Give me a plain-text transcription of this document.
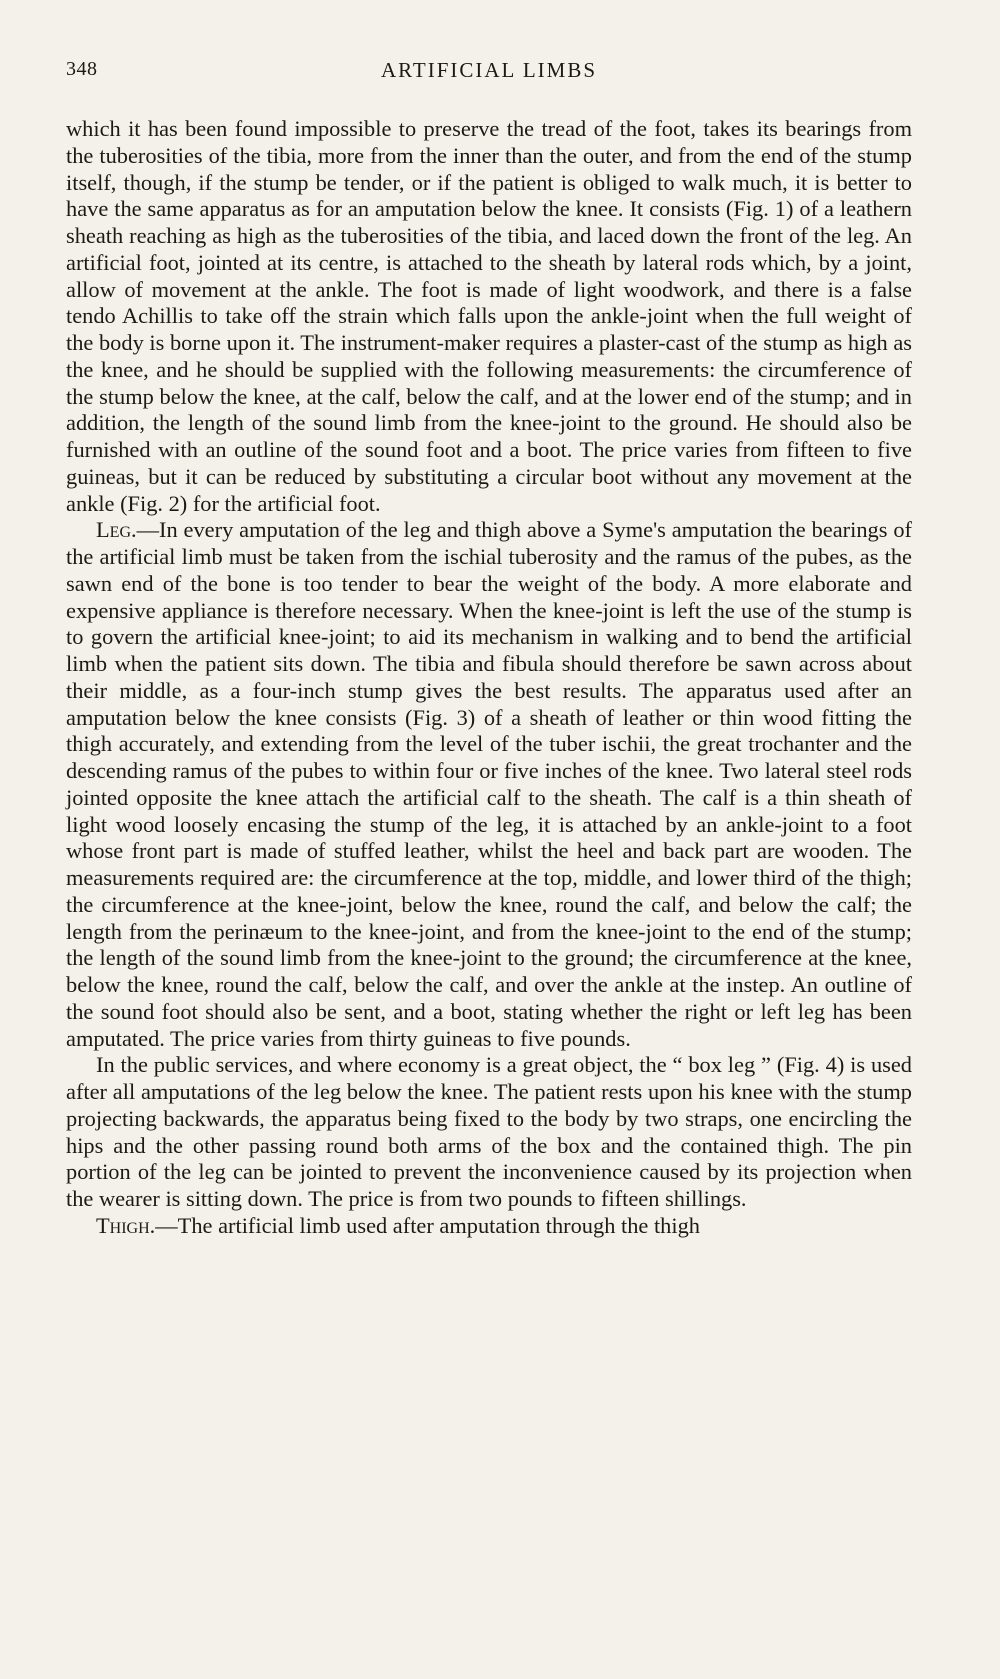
348	ARTIFICIAL LIMBS

which it has been found impossible to preserve the tread of the foot, takes its bearings from the tuberosities of the tibia, more from the inner than the outer, and from the end of the stump itself, though, if the stump be tender, or if the patient is obliged to walk much, it is better to have the same apparatus as for an amputation below the knee. It consists (Fig. 1) of a leathern sheath reaching as high as the tuberosities of the tibia, and laced down the front of the leg. An artificial foot, jointed at its centre, is attached to the sheath by lateral rods which, by a joint, allow of movement at the ankle. The foot is made of light woodwork, and there is a false tendo Achillis to take off the strain which falls upon the ankle-joint when the full weight of the body is borne upon it. The instrument-maker requires a plaster-cast of the stump as high as the knee, and he should be supplied with the following measurements: the circumference of the stump below the knee, at the calf, below the calf, and at the lower end of the stump; and in addition, the length of the sound limb from the knee-joint to the ground. He should also be furnished with an outline of the sound foot and a boot. The price varies from fifteen to five guineas, but it can be reduced by substituting a circular boot without any movement at the ankle (Fig. 2) for the artificial foot.

Leg.—In every amputation of the leg and thigh above a Syme's amputation the bearings of the artificial limb must be taken from the ischial tuberosity and the ramus of the pubes, as the sawn end of the bone is too tender to bear the weight of the body. A more elaborate and expensive appliance is therefore necessary. When the knee-joint is left the use of the stump is to govern the artificial knee-joint; to aid its mechanism in walking and to bend the artificial limb when the patient sits down. The tibia and fibula should therefore be sawn across about their middle, as a four-inch stump gives the best results. The apparatus used after an amputation below the knee consists (Fig. 3) of a sheath of leather or thin wood fitting the thigh accurately, and extending from the level of the tuber ischii, the great trochanter and the descending ramus of the pubes to within four or five inches of the knee. Two lateral steel rods jointed opposite the knee attach the artificial calf to the sheath. The calf is a thin sheath of light wood loosely encasing the stump of the leg, it is attached by an ankle-joint to a foot whose front part is made of stuffed leather, whilst the heel and back part are wooden. The measurements required are: the circumference at the top, middle, and lower third of the thigh; the circumference at the knee-joint, below the knee, round the calf, and below the calf; the length from the perinæum to the knee-joint, and from the knee-joint to the end of the stump; the length of the sound limb from the knee-joint to the ground; the circumference at the knee, below the knee, round the calf, below the calf, and over the ankle at the instep. An outline of the sound foot should also be sent, and a boot, stating whether the right or left leg has been amputated. The price varies from thirty guineas to five pounds.

In the public services, and where economy is a great object, the “ box leg ” (Fig. 4) is used after all amputations of the leg below the knee. The patient rests upon his knee with the stump projecting backwards, the apparatus being fixed to the body by two straps, one encircling the hips and the other passing round both arms of the box and the contained thigh. The pin portion of the leg can be jointed to prevent the inconvenience caused by its projection when the wearer is sitting down. The price is from two pounds to fifteen shillings.

Thigh.—The artificial limb used after amputation through the thigh
